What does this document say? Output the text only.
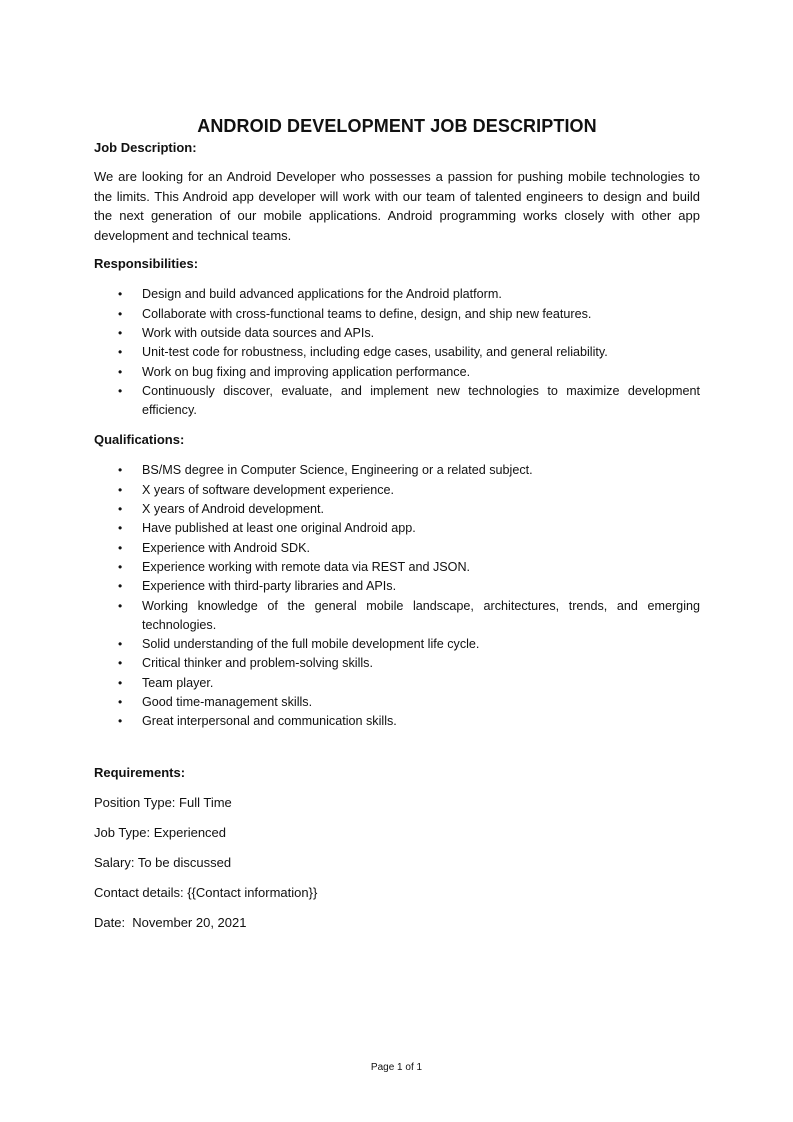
ANDROID DEVELOPMENT JOB DESCRIPTION

Job Description:

We are looking for an Android Developer who possesses a passion for pushing mobile technologies to the limits. This Android app developer will work with our team of talented engineers to design and build the next generation of our mobile applications. Android programming works closely with other app development and technical teams.

Responsibilities:

• Design and build advanced applications for the Android platform.
• Collaborate with cross-functional teams to define, design, and ship new features.
• Work with outside data sources and APIs.
• Unit-test code for robustness, including edge cases, usability, and general reliability.
• Work on bug fixing and improving application performance.
• Continuously discover, evaluate, and implement new technologies to maximize development efficiency.

Qualifications:

• BS/MS degree in Computer Science, Engineering or a related subject.
• X years of software development experience.
• X years of Android development.
• Have published at least one original Android app.
• Experience with Android SDK.
• Experience working with remote data via REST and JSON.
• Experience with third-party libraries and APIs.
• Working knowledge of the general mobile landscape, architectures, trends, and emerging technologies.
• Solid understanding of the full mobile development life cycle.
• Critical thinker and problem-solving skills.
• Team player.
• Good time-management skills.
• Great interpersonal and communication skills.

Requirements:

Position Type: Full Time

Job Type: Experienced

Salary: To be discussed

Contact details: {{Contact information}}

Date:  November 20, 2021

Page 1 of 1
